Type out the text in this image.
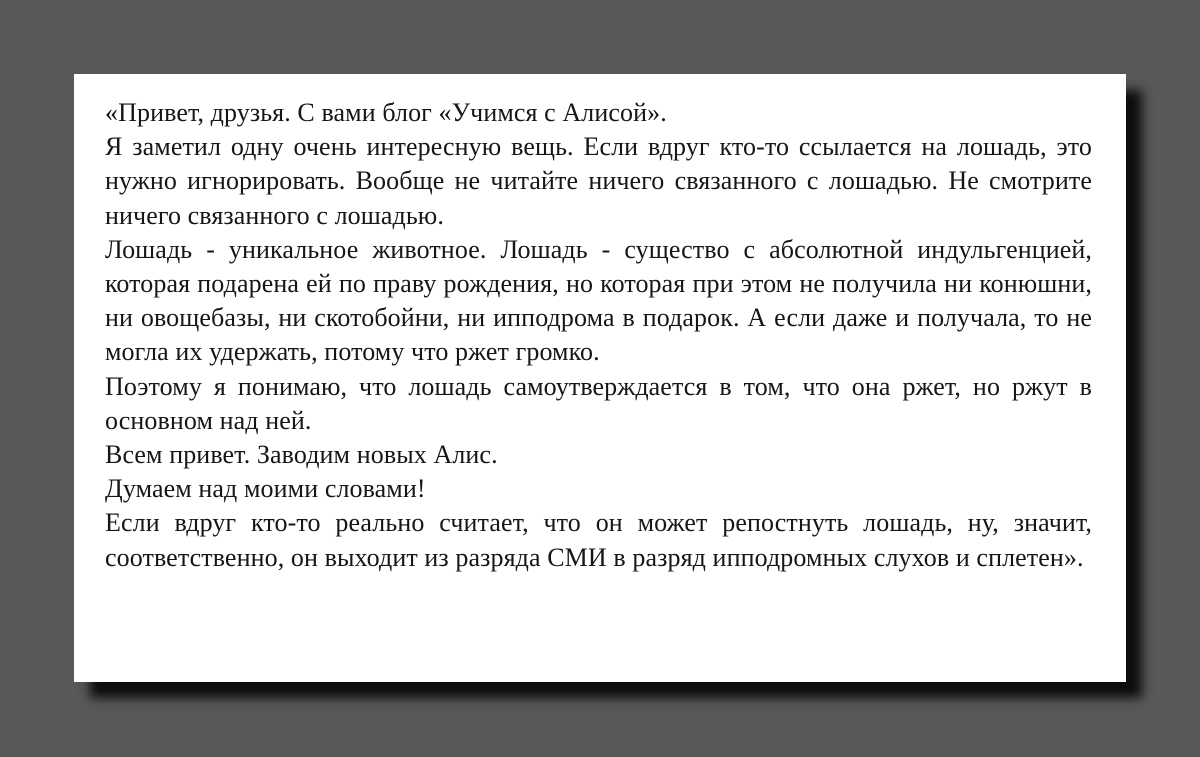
«Привет, друзья. С вами блог «Учимся с Алисой».

Я заметил одну очень интересную вещь. Если вдруг кто-то ссылается на лошадь, это нужно игнорировать. Вообще не читайте ничего связанного с лошадью. Не смотрите ничего связанного с лошадью.

Лошадь - уникальное животное. Лошадь - существо с абсолютной индульгенцией, которая подарена ей по праву рождения, но которая при этом не получила ни конюшни, ни овощебазы, ни скотобойни, ни ипподрома в подарок. А если даже и получала, то не могла их удержать, потому что ржет громко.

Поэтому я понимаю, что лошадь самоутверждается в том, что она ржет, но ржут в основном над ней.

Всем привет. Заводим новых Алис.

Думаем над моими словами!

Если вдруг кто-то реально считает, что он может репостнуть лошадь, ну, значит, соответственно, он выходит из разряда СМИ в разряд ипподромных слухов и сплетен».
